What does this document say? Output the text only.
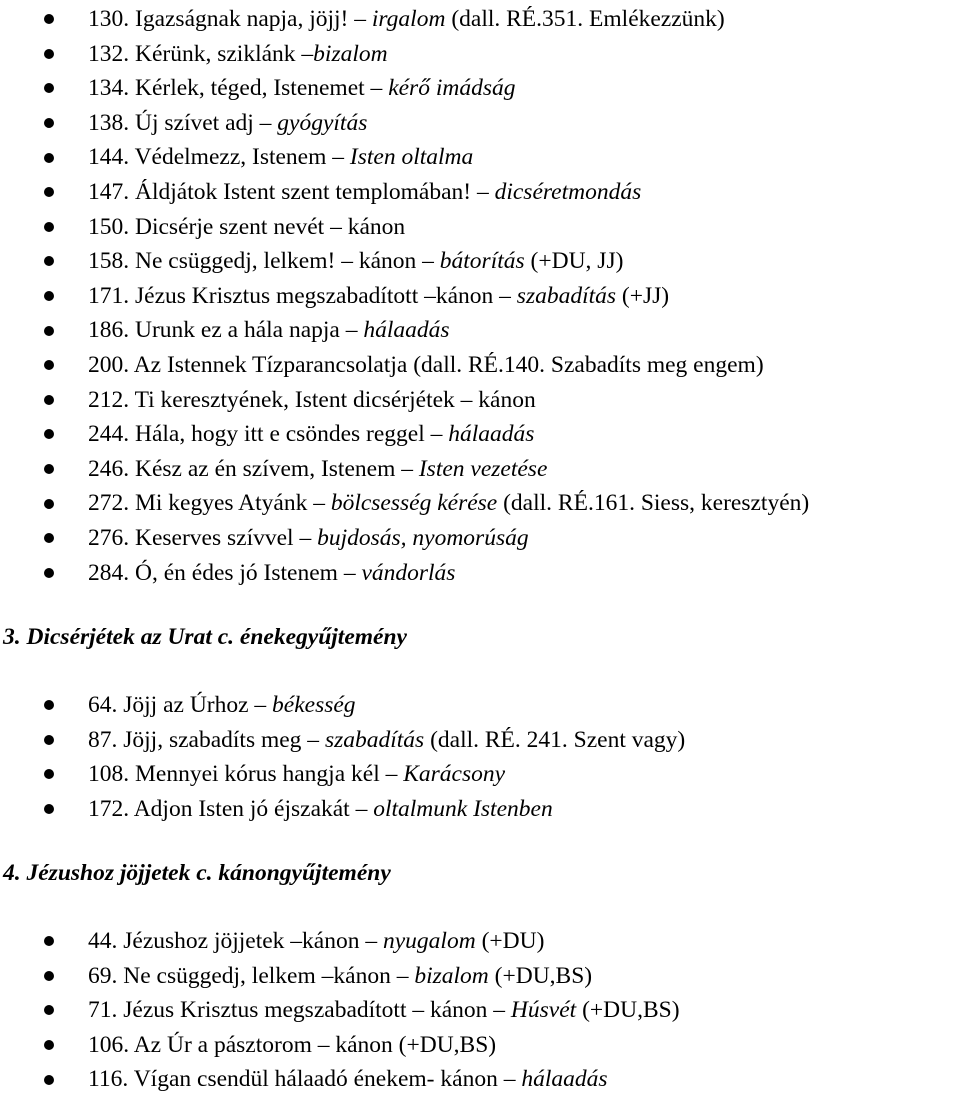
130. Igazságnak napja, jöjj! – irgalom (dall. RÉ.351. Emlékezzünk)
132. Kérünk, sziklánk –bizalom
134. Kérlek, téged, Istenemet – kérő imádság
138. Új szívet adj – gyógyítás
144. Védelmezz, Istenem – Isten oltalma
147. Áldjátok Istent szent templomában! – dicséretmondás
150. Dicsérje szent nevét – kánon
158. Ne csüggedj, lelkem! – kánon – bátorítás (+DU, JJ)
171. Jézus Krisztus megszabadított –kánon – szabadítás (+JJ)
186. Urunk ez a hála napja – hálaadás
200. Az Istennek Tízparancsolatja (dall. RÉ.140. Szabadíts meg engem)
212. Ti keresztyének, Istent dicsérjétek – kánon
244. Hála, hogy itt e csöndes reggel – hálaadás
246. Kész az én szívem, Istenem – Isten vezetése
272. Mi kegyes Atyánk – bölcsesség kérése (dall. RÉ.161. Siess, keresztyén)
276. Keserves szívvel – bujdosás, nyomorúság
284. Ó, én édes jó Istenem – vándorlás
3. Dicsérjétek az Urat c. énekegyűjtemény
64. Jöjj az Úrhoz – békesség
87. Jöjj, szabadíts meg – szabadítás (dall. RÉ. 241. Szent vagy)
108. Mennyei kórus hangja kél – Karácsony
172. Adjon Isten jó éjszakát – oltalmunk Istenben
4. Jézushoz jöjjetek c. kánongyűjtemény
44. Jézushoz jöjjetek –kánon – nyugalom (+DU)
69. Ne csüggedj, lelkem –kánon – bizalom (+DU,BS)
71. Jézus Krisztus megszabadított – kánon – Húsvét (+DU,BS)
106. Az Úr a pásztorom – kánon (+DU,BS)
116. Vígan csendül hálaadó énekem- kánon – hálaadás
